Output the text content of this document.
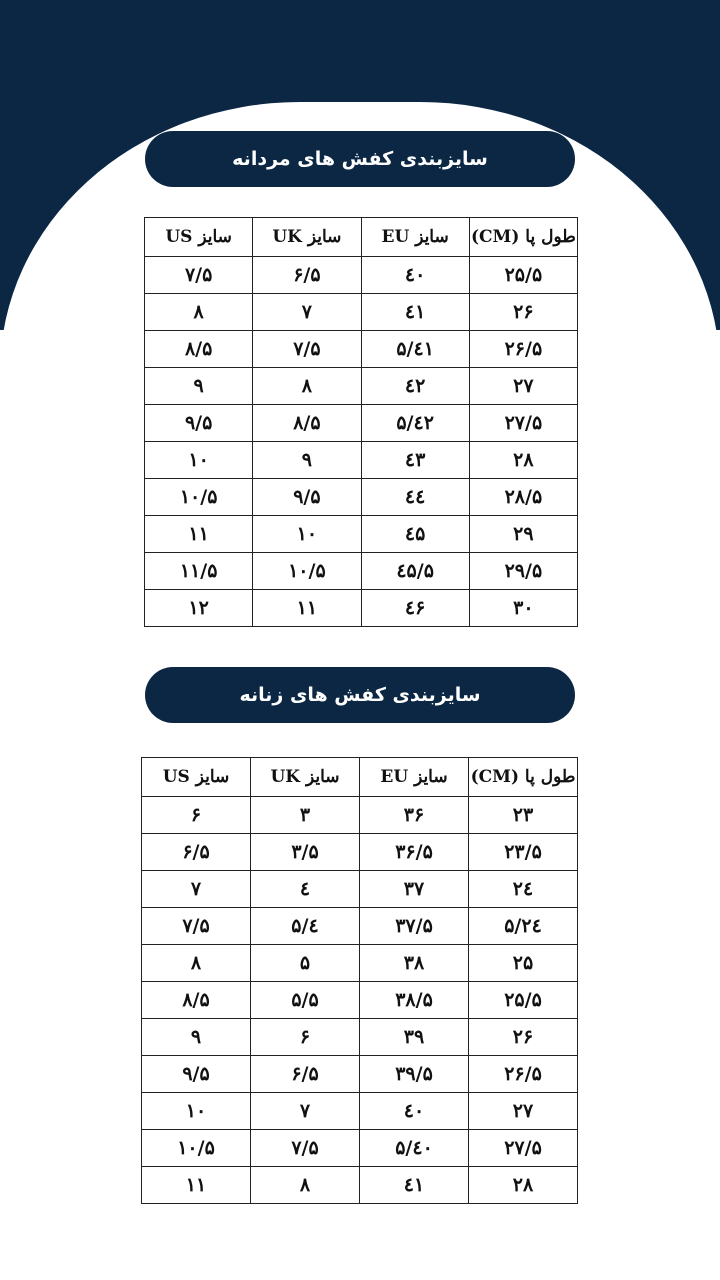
سایزبندی کفش های مردانه
طول پا (CM)	سایز EU	سایز UK	سایز US
۲۵/۵	٤٠	۶/۵	۷/۵
۲۶	٤١	۷	۸
۲۶/۵	٤١/۵	۷/۵	۸/۵
۲۷	٤٢	۸	۹
۲۷/۵	٤٢/۵	۸/۵	۹/۵
۲۸	٤٣	۹	۱۰
۲۸/۵	٤٤	۹/۵	۱۰/۵
۲۹	٤۵	۱۰	۱۱
۲۹/۵	٤۵/۵	۱۰/۵	۱۱/۵
۳۰	٤۶	۱۱	۱۲
سایزبندی کفش های زنانه
طول پا (CM)	سایز EU	سایز UK	سایز US
۲۳	۳۶	۳	۶
۲۳/۵	۳۶/۵	۳/۵	۶/۵
۲٤	۳۷	٤	۷
۲٤/۵	۳۷/۵	٤/۵	۷/۵
۲۵	۳۸	۵	۸
۲۵/۵	۳۸/۵	۵/۵	۸/۵
۲۶	۳۹	۶	۹
۲۶/۵	۳۹/۵	۶/۵	۹/۵
۲۷	٤٠	۷	۱۰
۲۷/۵	٤٠/۵	۷/۵	۱۰/۵
۲۸	٤١	۸	۱۱
